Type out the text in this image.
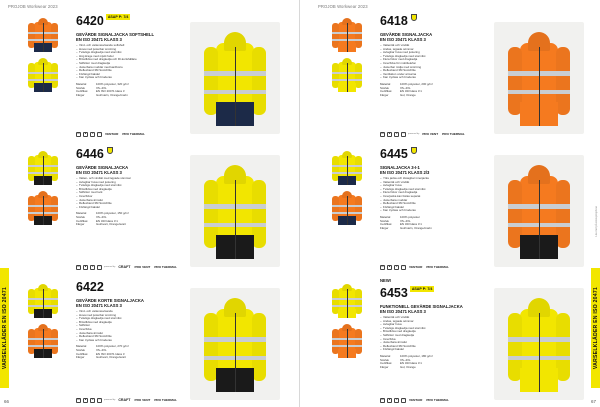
PROJOB Workwear 2023
VARSELKLÄDER EN ISO 20471
66
VARSELKLÄDER EN ISO 20471
67
Läs mer på www.projob.se
PROJOB Workwear 2023
6420 ASAP P: 7/4
GEVÄRDE SIGNALJACKA SOFTSHELL
EN ISO 20471 KLASS 3
– Vind- och vattenavvisande softshell
– Huva med justerbar snörning
– Tvåvägs dragkedja med stormlist
– Hög krage med mjukt foder
– Bröstficka med dragkedja och ID-kortshållare
– Sidfickor med dragkedja
– Justerbara muddar med kardborre
– Reflexband 3M Scotchlite
– Förlängd bakdel
– Kan tryckas och broderas
Material	100% polyester, 320 g/m²
Storlek	XS–4XL
Certifikat	EN ISO 20471 klass 3
Färger	Gul/marin, Orange/marin
40	▲	≡	□	VENTAIR	PRO THERMAL
6418
GEVÄRDE SIGNALJACKA
EN ISO 20471 KLASS 3
– Vattentät och vindtät
– Andas, tejpade sömmar
– Avtagbar huva med justering
– Tvåvägs dragkedja med stormlist
– Flera fickor med dragkedja
– Innerficka för mobiltelefon
– Justerbar midja med snörning
– Reflexband 3M Scotchlite
– Ventilation under armarna
– Kan tryckas och broderas
Material	100% polyester, 200 g/m²
Storlek	XS–4XL
Certifikat	EN 343 klass 3:1
Färger	Gul, Orange
40	▲	≡	□	powered by PRO VENT	PRO THERMAL
6446
GEVÄRDE SIGNALJACKA
EN ISO 20471 KLASS 3
– Vatten- och vindtät med tejpade sömmar
– Avtagbar huva med justering
– Tvåvägs dragkedja med stormlist
– Bröstficka med dragkedja
– Sidfickor med lock
– Innerfickor
– Justerbara ärmslut
– Reflexband 3M Scotchlite
– Förlängd bakdel
Material	100% polyester, 150 g/m²
Storlek	XS–4XL
Certifikat	EN 343 klass 3:1
Färger	Gul/svart, Orange/svart
40	▲	≡	□	powered by CRAFT	PRO VENT	PRO THERMAL
6445
SIGNALJACKA 3-I-1
EN ISO 20471 KLASS 2/3
– Yttre jacka och löstagbar innerjacka
– Vattentät och vindtät
– Avtagbar huva
– Tvåvägs dragkedja med stormlist
– Flera fickor med dragkedja
– Innerjacka kan bäras separat
– Justerbara muddar
– Reflexband 3M Scotchlite
– Förlängd bakdel
– Kan tryckas och broderas
Material	100% polyester
Storlek	XS–4XL
Certifikat	EN 343 klass 3:1
Färger	Gul/marin, Orange/marin
40	▲	≡	□	VENTAIR	PRO THERMAL
6422
GEVÄRDE KORTE SIGNALJACKA
EN ISO 20471 KLASS 3
– Vind- och vattenavvisande
– Huva med justerbar snörning
– Tvåvägs dragkedja med stormlist
– Bröstficka med dragkedja
– Sidfickor
– Innerficka
– Justerbara ärmslut
– Reflexband 3M Scotchlite
– Kan tryckas och broderas
Material	100% polyester, 270 g/m²
Storlek	XS–4XL
Certifikat	EN ISO 20471 klass 3
Färger	Gul/svart, Orange/svart
40	▲	≡	□	powered by CRAFT	PRO VENT	PRO THERMAL
NEW!
6453 ASAP P: 7/4
FUNKTIONELL GEVÄRDE SIGNALJACKA
EN ISO 20471 KLASS 3
– Vattentät och vindtät
– Andas, tejpade sömmar
– Avtagbar huva
– Tvåvägs dragkedja med stormlist
– Bröstficka med dragkedja
– Sidfickor med dragkedja
– Innerficka
– Justerbara ärmslut
– Reflexband 3M Scotchlite
– Förlängd bakdel
Material	100% polyester, 180 g/m²
Storlek	XS–4XL
Certifikat	EN 343 klass 3:1
Färger	Gul, Orange
40	▲	≡	□	VENTAIR	PRO THERMAL
